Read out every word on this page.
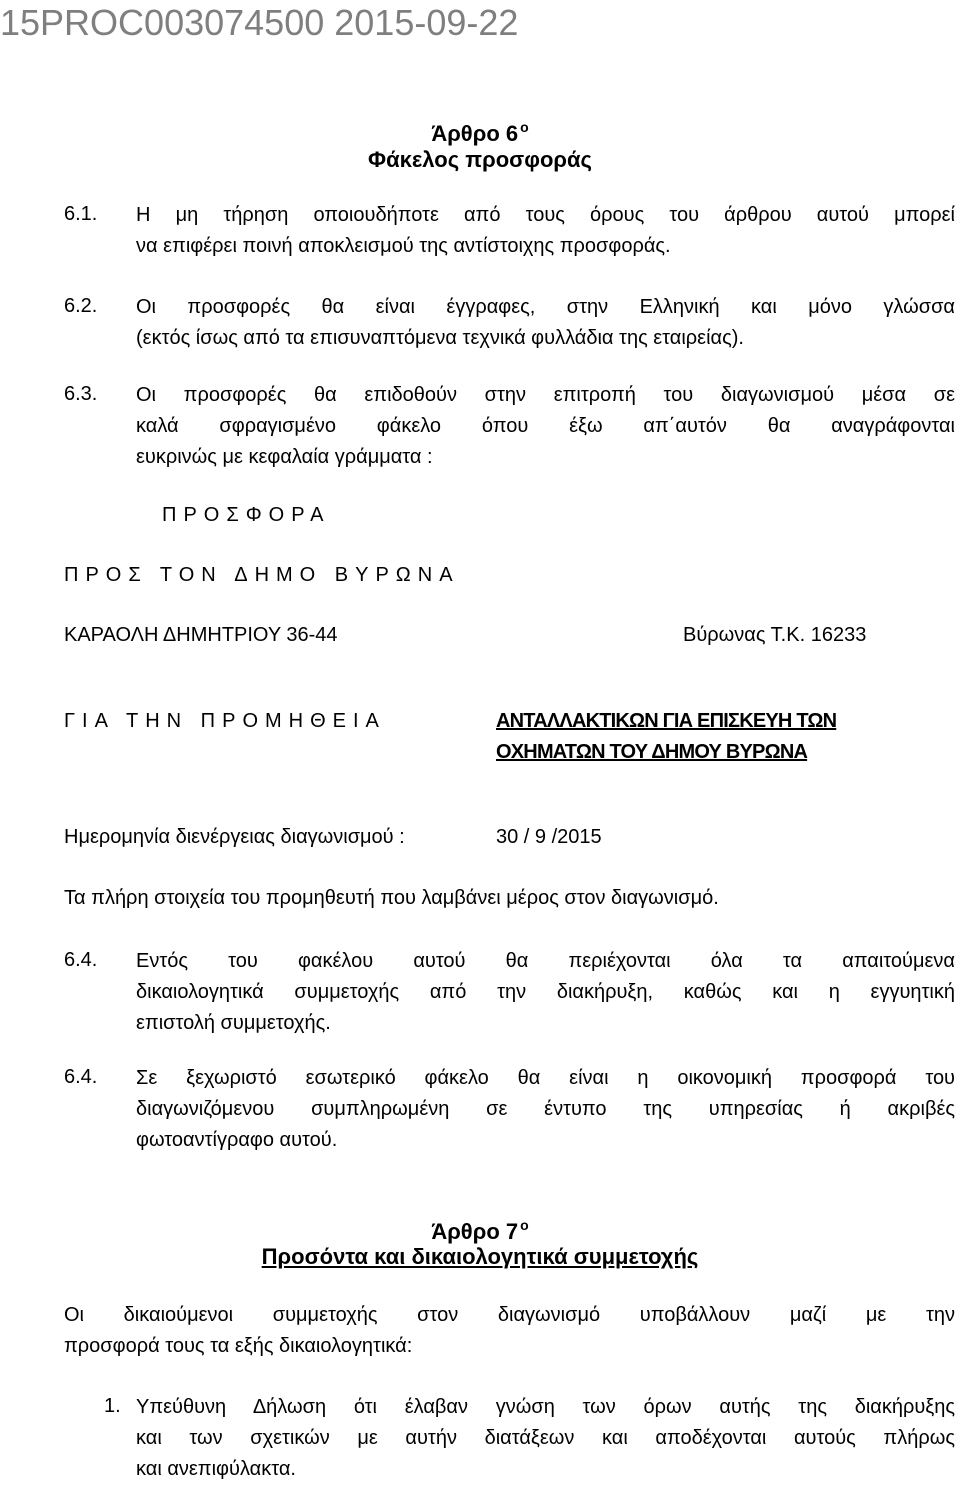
15PROC003074500 2015-09-22
Άρθρο 6 $^o$
Φάκελος προσφοράς
6.1. Η μη τήρηση οποιουδήποτε από τους όρους του άρθρου αυτού μπορεί
να επιφέρει ποινή αποκλεισμού της αντίστοιχης προσφοράς.
6.2. Οι προσφορές θα είναι έγγραφες, στην Ελληνική και μόνο γλώσσα
(εκτός ίσως από τα επισυναπτόμενα τεχνικά φυλλάδια της εταιρείας).
6.3. Οι προσφορές θα επιδοθούν στην επιτροπή του διαγωνισμού μέσα σε
καλά σφραγισμένο φάκελο όπου έξω απ΄αυτόν θα αναγράφονται
ευκρινώς με κεφαλαία γράμματα :
ΠΡΟΣΦΟΡΑ
ΠΡΟΣ ΤΟΝ ΔΗΜΟ ΒΥΡΩΝΑ
ΚΑΡΑΟΛΗ ΔΗΜΗΤΡΙΟΥ 36-44	Βύρωνας Τ.Κ. 16233
ΓΙΑ ΤΗΝ ΠΡΟΜΗΘΕΙΑ	ΑΝΤΑΛΛΑΚΤΙΚΩΝ ΓΙΑ ΕΠΙΣΚΕΥΗ ΤΩΝ
ΟΧΗΜΑΤΩΝ ΤΟΥ ΔΗΜΟΥ ΒΥΡΩΝΑ
Ημερομηνία διενέργειας διαγωνισμού :	30 / 9 /2015
Τα πλήρη στοιχεία του προμηθευτή που λαμβάνει μέρος στον διαγωνισμό.
6.4. Εντός του φακέλου αυτού θα περιέχονται όλα τα απαιτούμενα
δικαιολογητικά συμμετοχής από την διακήρυξη, καθώς και η εγγυητική
επιστολή συμμετοχής.
6.4. Σε ξεχωριστό εσωτερικό φάκελο θα είναι η οικονομική προσφορά του
διαγωνιζόμενου συμπληρωμένη σε έντυπο της υπηρεσίας ή ακριβές
φωτοαντίγραφο αυτού.
Άρθρο 7 $^o$
Προσόντα και δικαιολογητικά συμμετοχής
Οι δικαιούμενοι συμμετοχής στον διαγωνισμό υποβάλλουν μαζί με την
προσφορά τους τα εξής δικαιολογητικά:
1. Υπεύθυνη Δήλωση ότι έλαβαν γνώση των όρων αυτής της διακήρυξης
και των σχετικών με αυτήν διατάξεων και αποδέχονται αυτούς πλήρως
και ανεπιφύλακτα.
